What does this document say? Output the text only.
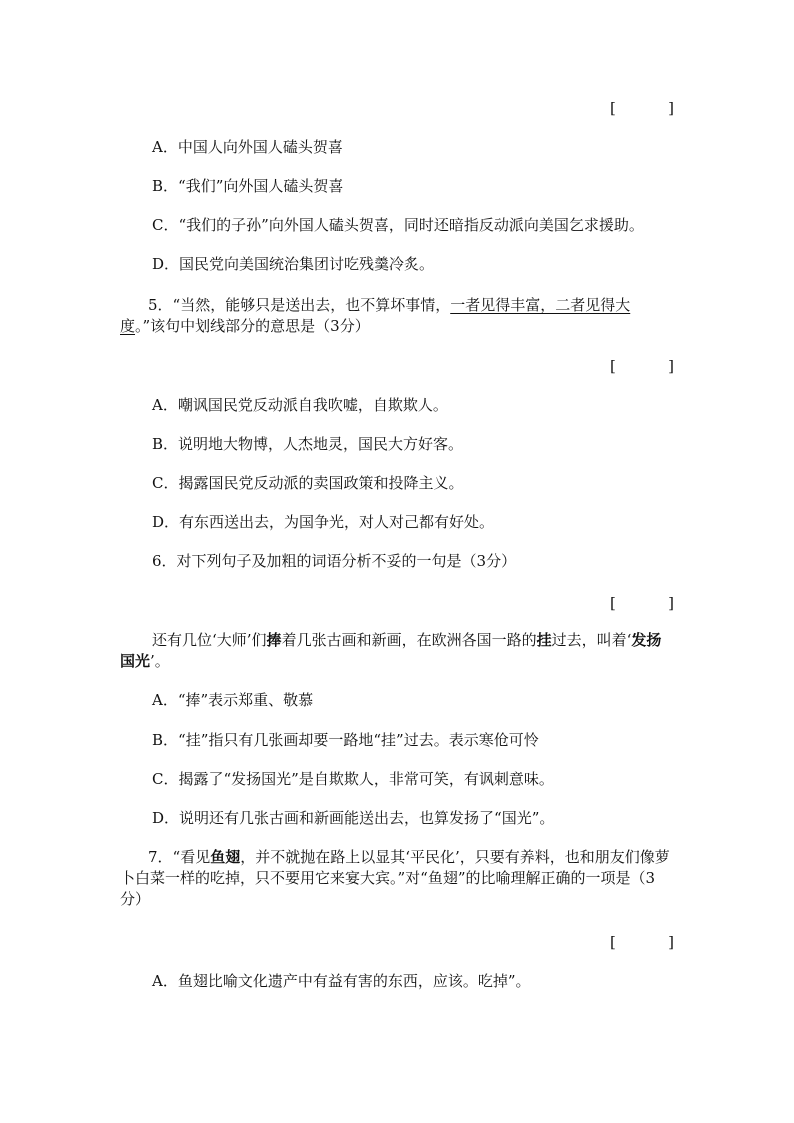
[	]
A．中国人向外国人磕头贺喜
B．“我们”向外国人磕头贺喜
C．“我们的子孙”向外国人磕头贺喜，同时还暗指反动派向美国乞求援助。
D．国民党向美国统治集团讨吃残羹冷炙。
5．“当然，能够只是送出去，也不算坏事情，一者见得丰富，二者见得大度。”该句中划线部分的意思是（3分）
[	]
A．嘲讽国民党反动派自我吹嘘，自欺欺人。
B．说明地大物博，人杰地灵，国民大方好客。
C．揭露国民党反动派的卖国政策和投降主义。
D．有东西送出去，为国争光，对人对己都有好处。
6．对下列句子及加粗的词语分析不妥的一句是（3分）
[	]
还有几位‘大师’们捧着几张古画和新画，在欧洲各国一路的挂过去，叫着‘发扬国光’。
A．“捧”表示郑重、敬慕
B．“挂”指只有几张画却要一路地“挂”过去。表示寒伧可怜
C．揭露了“发扬国光”是自欺欺人，非常可笑，有讽刺意味。
D．说明还有几张古画和新画能送出去，也算发扬了“国光”。
7．“看见鱼翅，并不就抛在路上以显其‘平民化’，只要有养料，也和朋友们像萝卜白菜一样的吃掉，只不要用它来宴大宾。”对“鱼翅”的比喻理解正确的一项是（3分）
[	]
A．鱼翅比喻文化遗产中有益有害的东西，应该。吃掉”。
